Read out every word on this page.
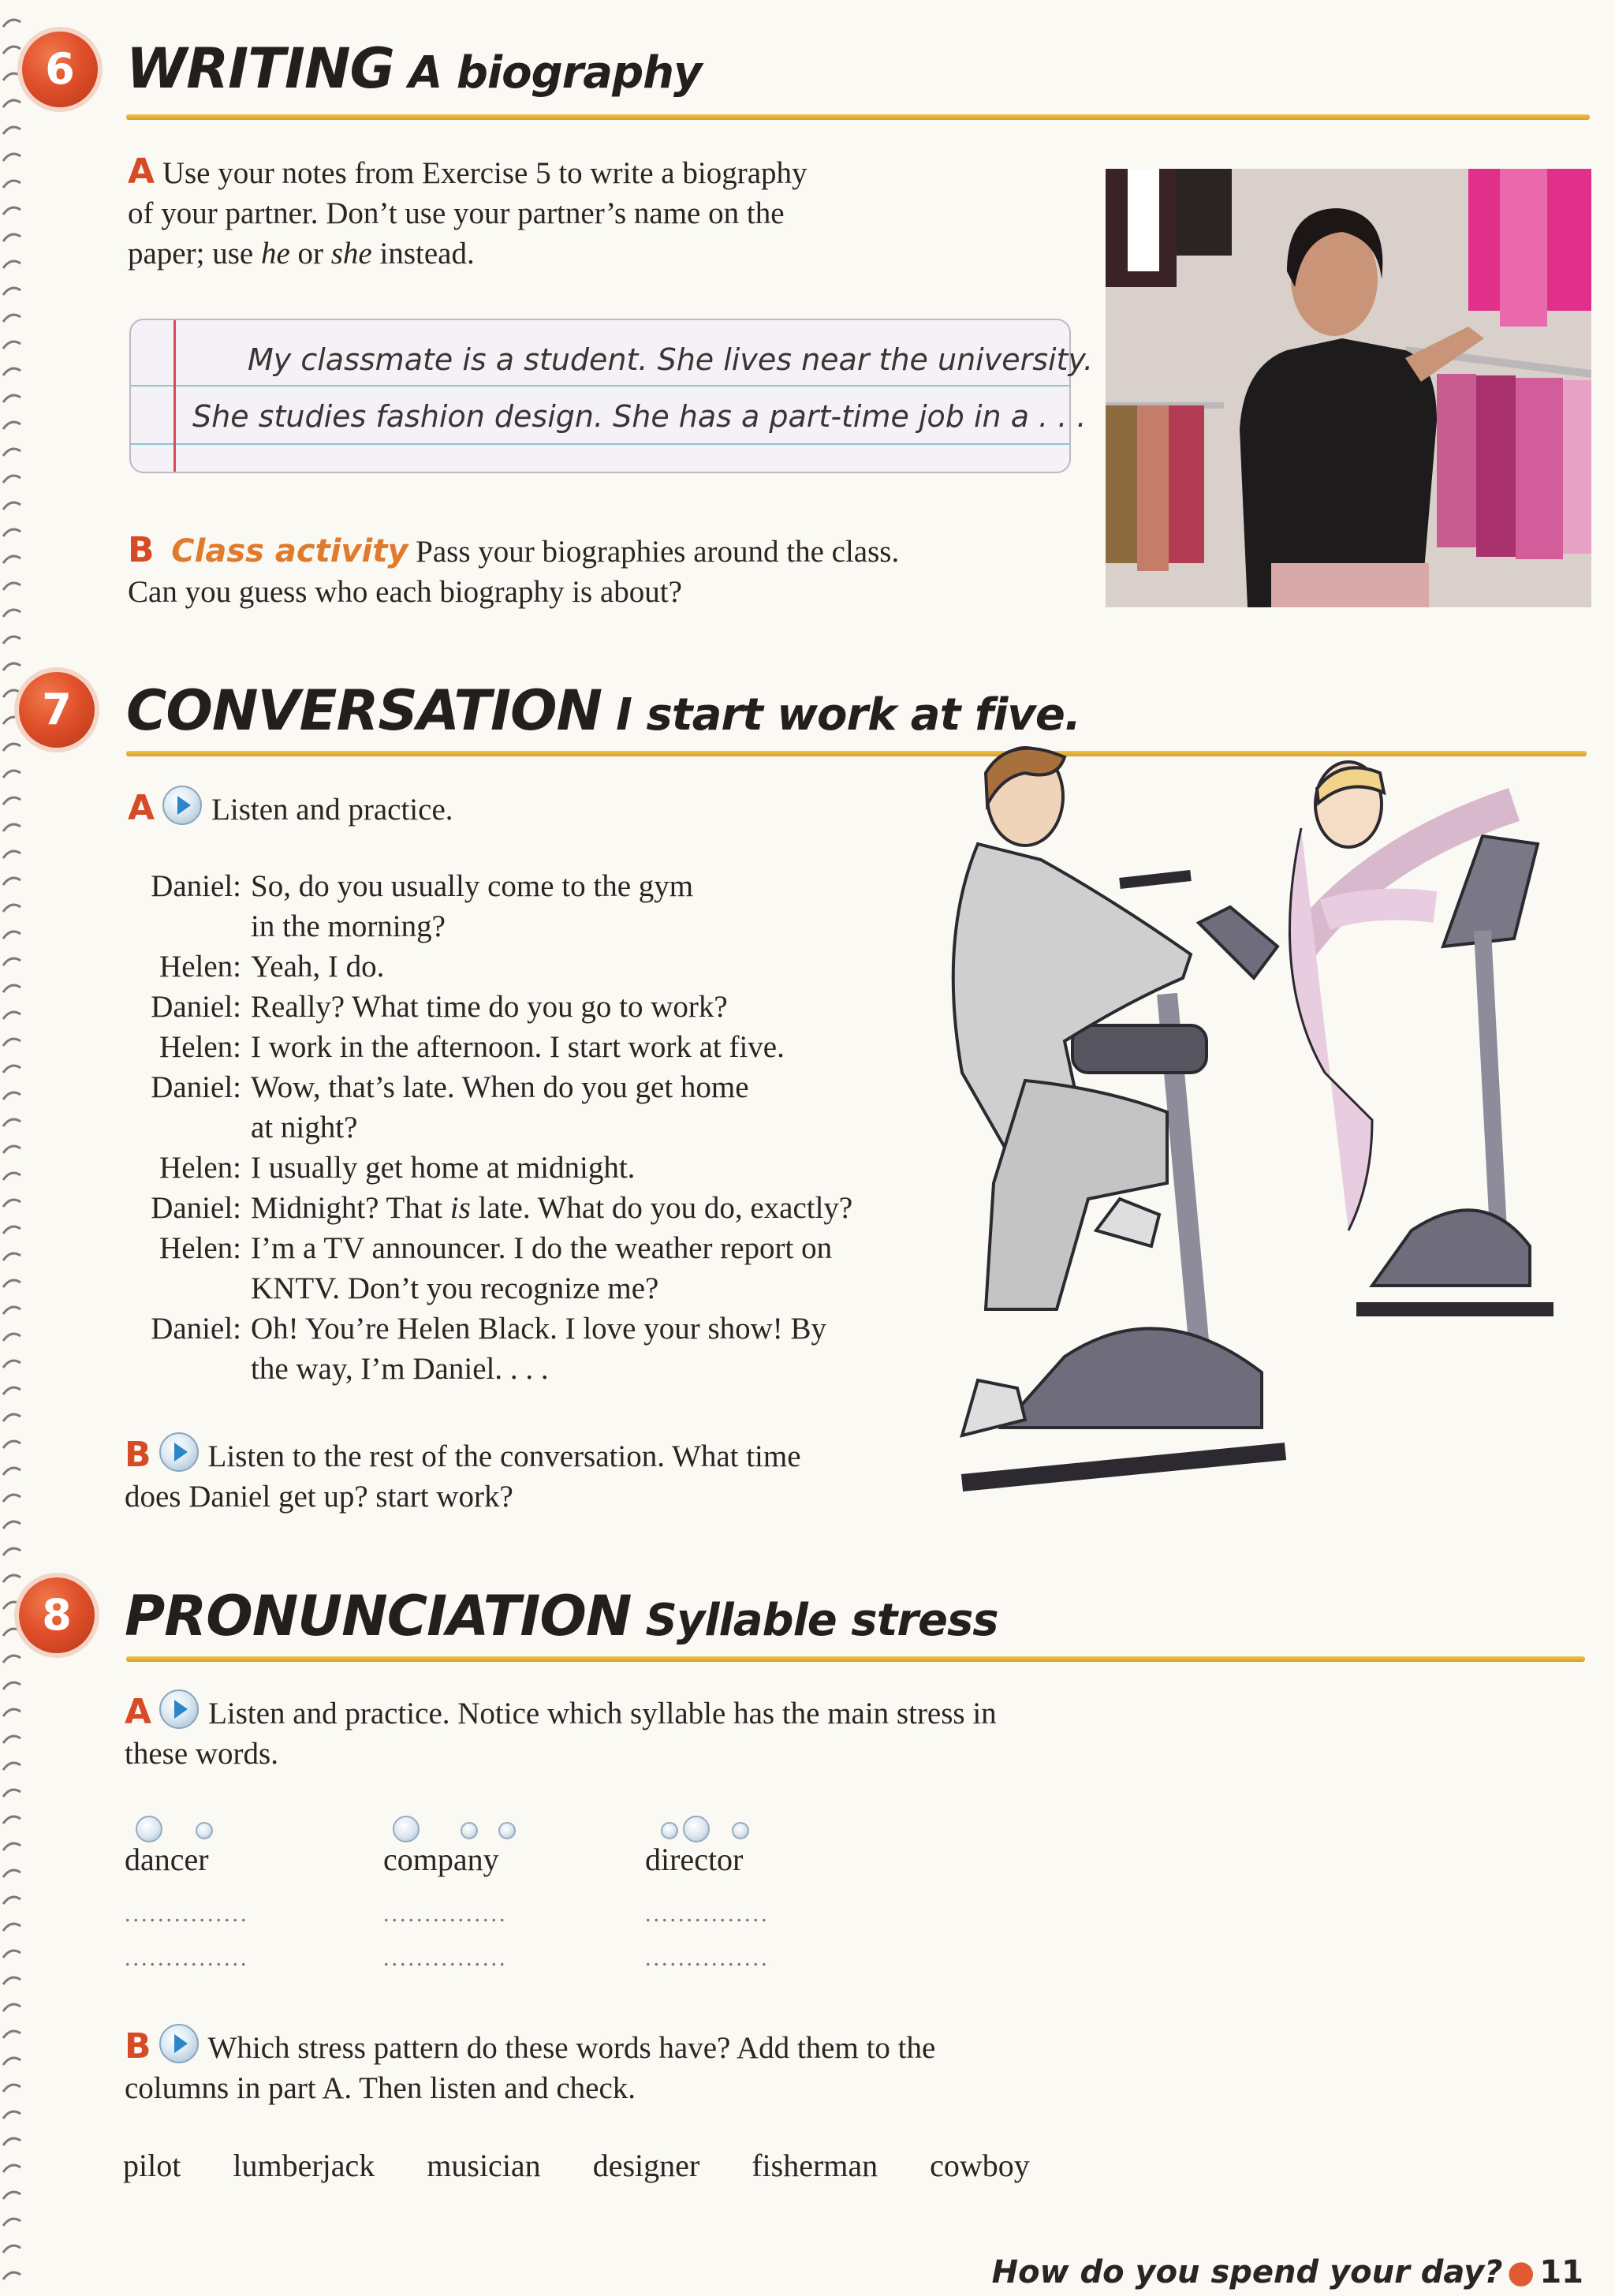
6 WRITING A biography
A Use your notes from Exercise 5 to write a biography
of your partner. Don’t use your partner’s name on the
paper; use he or she instead.
My classmate is a student. She lives near the university.
She studies fashion design. She has a part-time job in a . . .
B Class activity Pass your biographies around the class.
Can you guess who each biography is about?
7 CONVERSATION I start work at five.
A Listen and practice.
Daniel: So, do you usually come to the gym
in the morning?
Helen: Yeah, I do.
Daniel: Really? What time do you go to work?
Helen: I work in the afternoon. I start work at five.
Daniel: Wow, that’s late. When do you get home
at night?
Helen: I usually get home at midnight.
Daniel: Midnight? That is late. What do you do, exactly?
Helen: I’m a TV announcer. I do the weather report on
KNTV. Don’t you recognize me?
Daniel: Oh! You’re Helen Black. I love your show! By
the way, I’m Daniel. . . .
B Listen to the rest of the conversation. What time
does Daniel get up? start work?
8 PRONUNCIATION Syllable stress
A Listen and practice. Notice which syllable has the main stress in
these words.
dancer	company	director
...............	...............	...............
...............	...............	...............
B Which stress pattern do these words have? Add them to the
columns in part A. Then listen and check.
pilot lumberjack musician designer fisherman cowboy
How do you spend your day? ● 11
